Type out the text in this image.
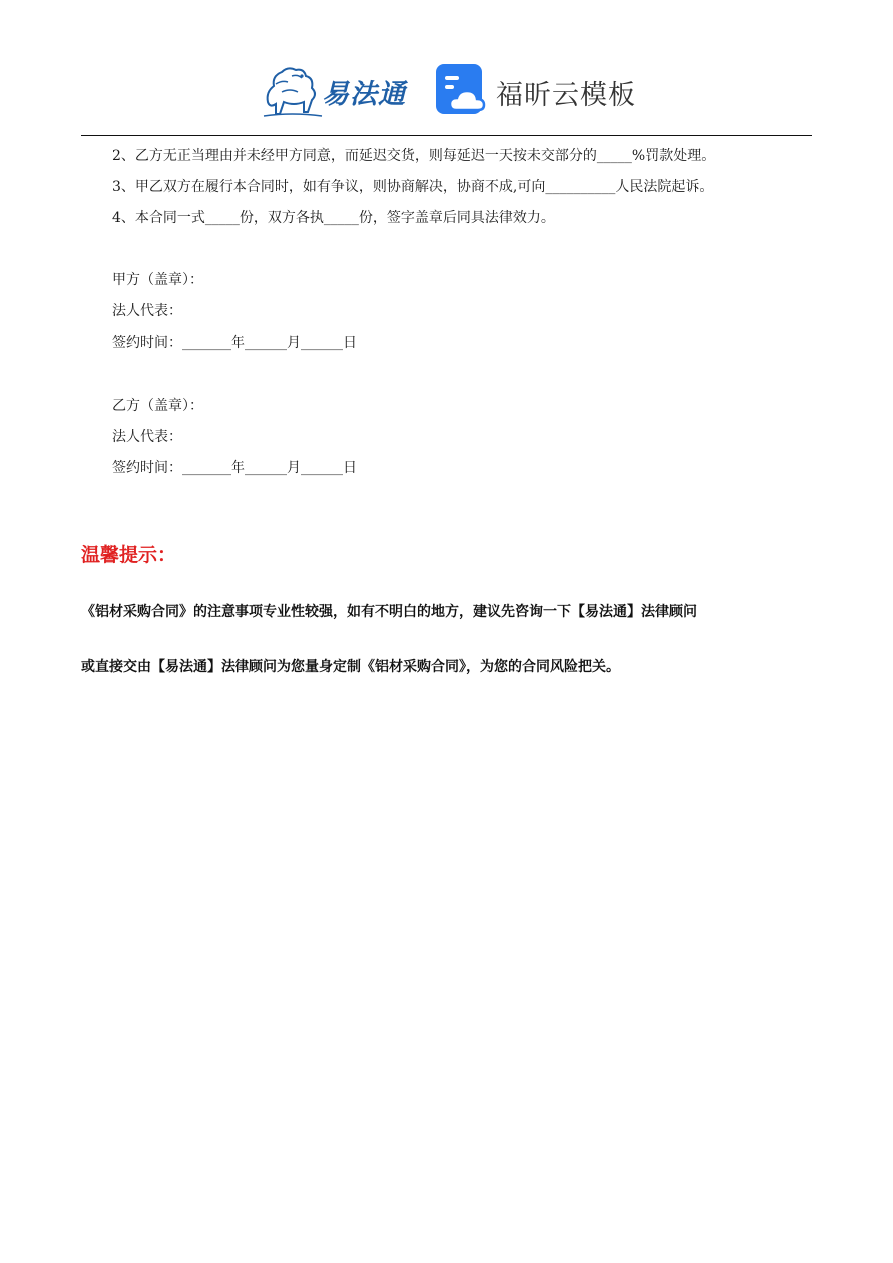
易法通	福昕云模板
2、乙方无正当理由并未经甲方同意，而延迟交货，则每延迟一天按未交部分的_____%罚款处理。
3、甲乙双方在履行本合同时，如有争议，则协商解决，协商不成,可向__________人民法院起诉。
4、本合同一式_____份，双方各执_____份，签字盖章后同具法律效力。
甲方（盖章）：
法人代表：
签约时间：_______年______月______日
乙方（盖章）：
法人代表：
签约时间：_______年______月______日
温馨提示：
《铝材采购合同》的注意事项专业性较强，如有不明白的地方，建议先咨询一下【易法通】法律顾问
或直接交由【易法通】法律顾问为您量身定制《铝材采购合同》，为您的合同风险把关。
